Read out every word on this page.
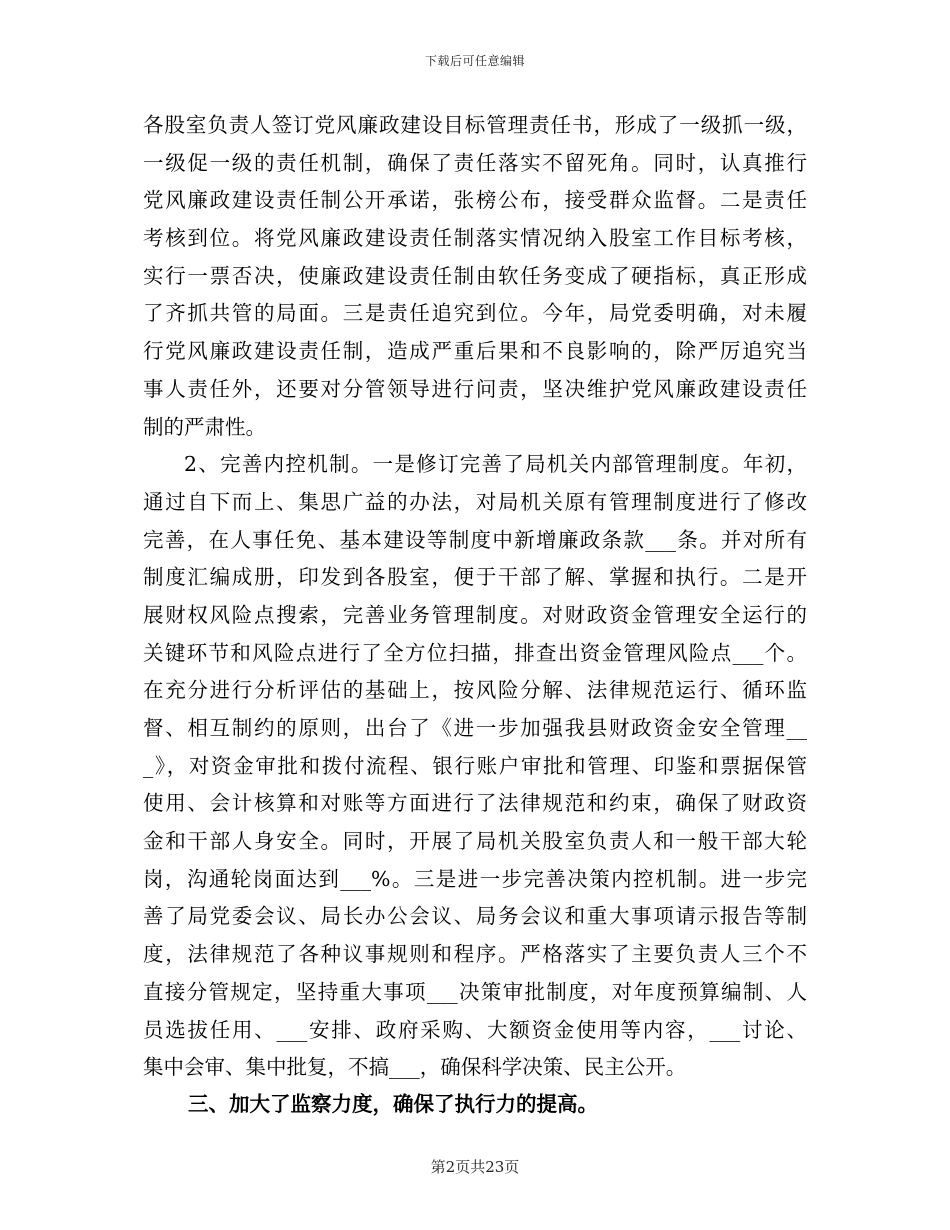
下载后可任意编辑
各股室负责人签订党风廉政建设目标管理责任书，形成了一级抓一级，
一级促一级的责任机制，确保了责任落实不留死角。同时，认真推行
党风廉政建设责任制公开承诺，张榜公布，接受群众监督。二是责任
考核到位。将党风廉政建设责任制落实情况纳入股室工作目标考核，
实行一票否决，使廉政建设责任制由软任务变成了硬指标，真正形成
了齐抓共管的局面。三是责任追究到位。今年，局党委明确，对未履
行党风廉政建设责任制，造成严重后果和不良影响的，除严厉追究当
事人责任外，还要对分管领导进行问责，坚决维护党风廉政建设责任
制的严肃性。
2、完善内控机制。一是修订完善了局机关内部管理制度。年初，
通过自下而上、集思广益的办法，对局机关原有管理制度进行了修改
完善，在人事任免、基本建设等制度中新增廉政条款___条。并对所有
制度汇编成册，印发到各股室，便于干部了解、掌握和执行。二是开
展财权风险点搜索，完善业务管理制度。对财政资金管理安全运行的
关键环节和风险点进行了全方位扫描，排查出资金管理风险点___个。
在充分进行分析评估的基础上，按风险分解、法律规范运行、循环监
督、相互制约的原则，出台了《进一步加强我县财政资金安全管理__
_》，对资金审批和拨付流程、银行账户审批和管理、印鉴和票据保管
使用、会计核算和对账等方面进行了法律规范和约束，确保了财政资
金和干部人身安全。同时，开展了局机关股室负责人和一般干部大轮
岗，沟通轮岗面达到___%。三是进一步完善决策内控机制。进一步完
善了局党委会议、局长办公会议、局务会议和重大事项请示报告等制
度，法律规范了各种议事规则和程序。严格落实了主要负责人三个不
直接分管规定，坚持重大事项___决策审批制度，对年度预算编制、人
员选拔任用、___安排、政府采购、大额资金使用等内容，___讨论、
集中会审、集中批复，不搞___，确保科学决策、民主公开。
三、加大了监察力度，确保了执行力的提高。
第2页共23页
